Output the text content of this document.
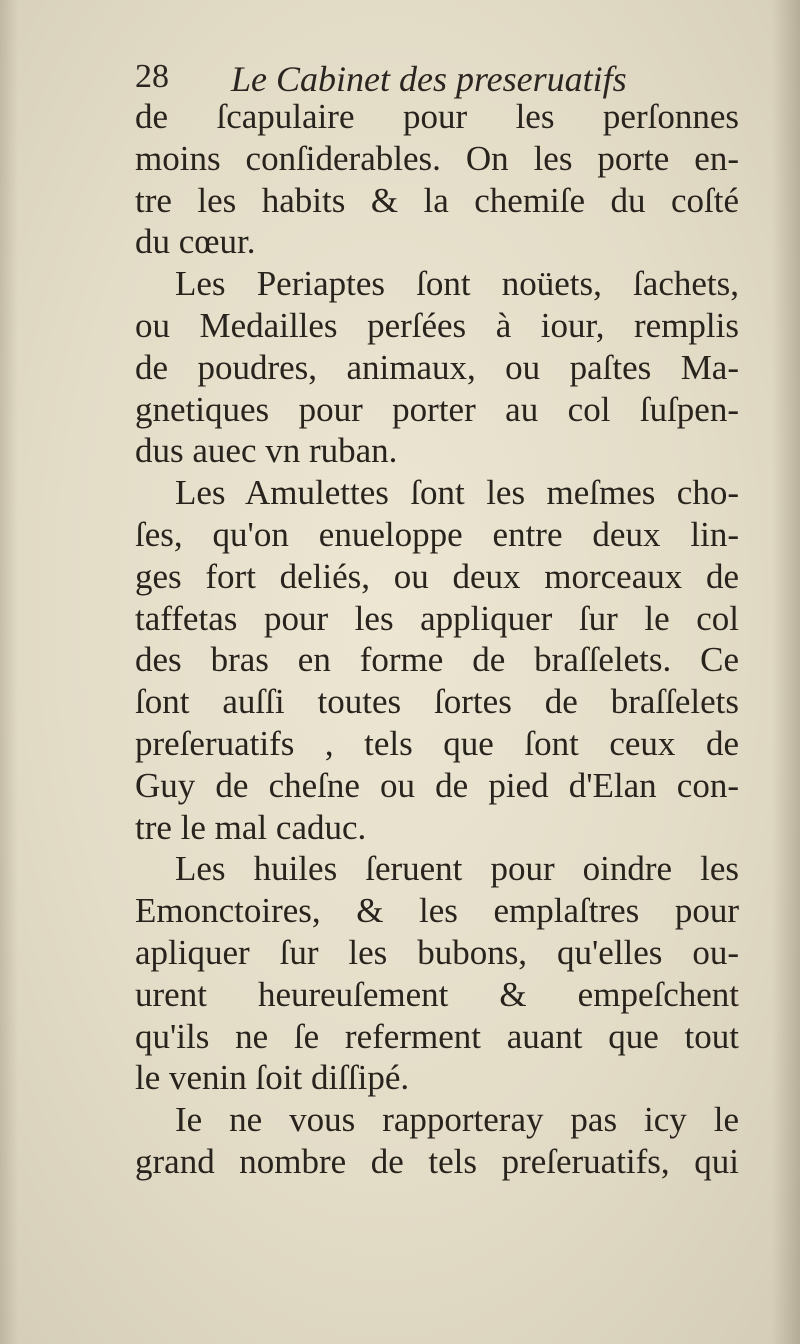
28 Le Cabinet des preseruatifs
de ſcapulaire pour les perſonnes
moins conſiderables. On les porte en-
tre les habits & la chemiſe du coſté
du cœur.
Les Periaptes ſont noüets, ſachets,
ou Medailles perſées à iour, remplis
de poudres, animaux, ou paſtes Ma-
gnetiques pour porter au col ſuſpen-
dus auec vn ruban.
Les Amulettes ſont les meſmes cho-
ſes, qu'on enueloppe entre deux lin-
ges fort deliés, ou deux morceaux de
taffetas pour les appliquer ſur le col
des bras en forme de braſſelets. Ce
ſont auſſi toutes ſortes de braſſelets
preſeruatifs , tels que ſont ceux de
Guy de cheſne ou de pied d'Elan con-
tre le mal caduc.
Les huiles ſeruent pour oindre les
Emonctoires, & les emplaſtres pour
apliquer ſur les bubons, qu'elles ou-
urent heureuſement & empeſchent
qu'ils ne ſe referment auant que tout
le venin ſoit diſſipé.
Ie ne vous rapporteray pas icy le
grand nombre de tels preſeruatifs, qui
